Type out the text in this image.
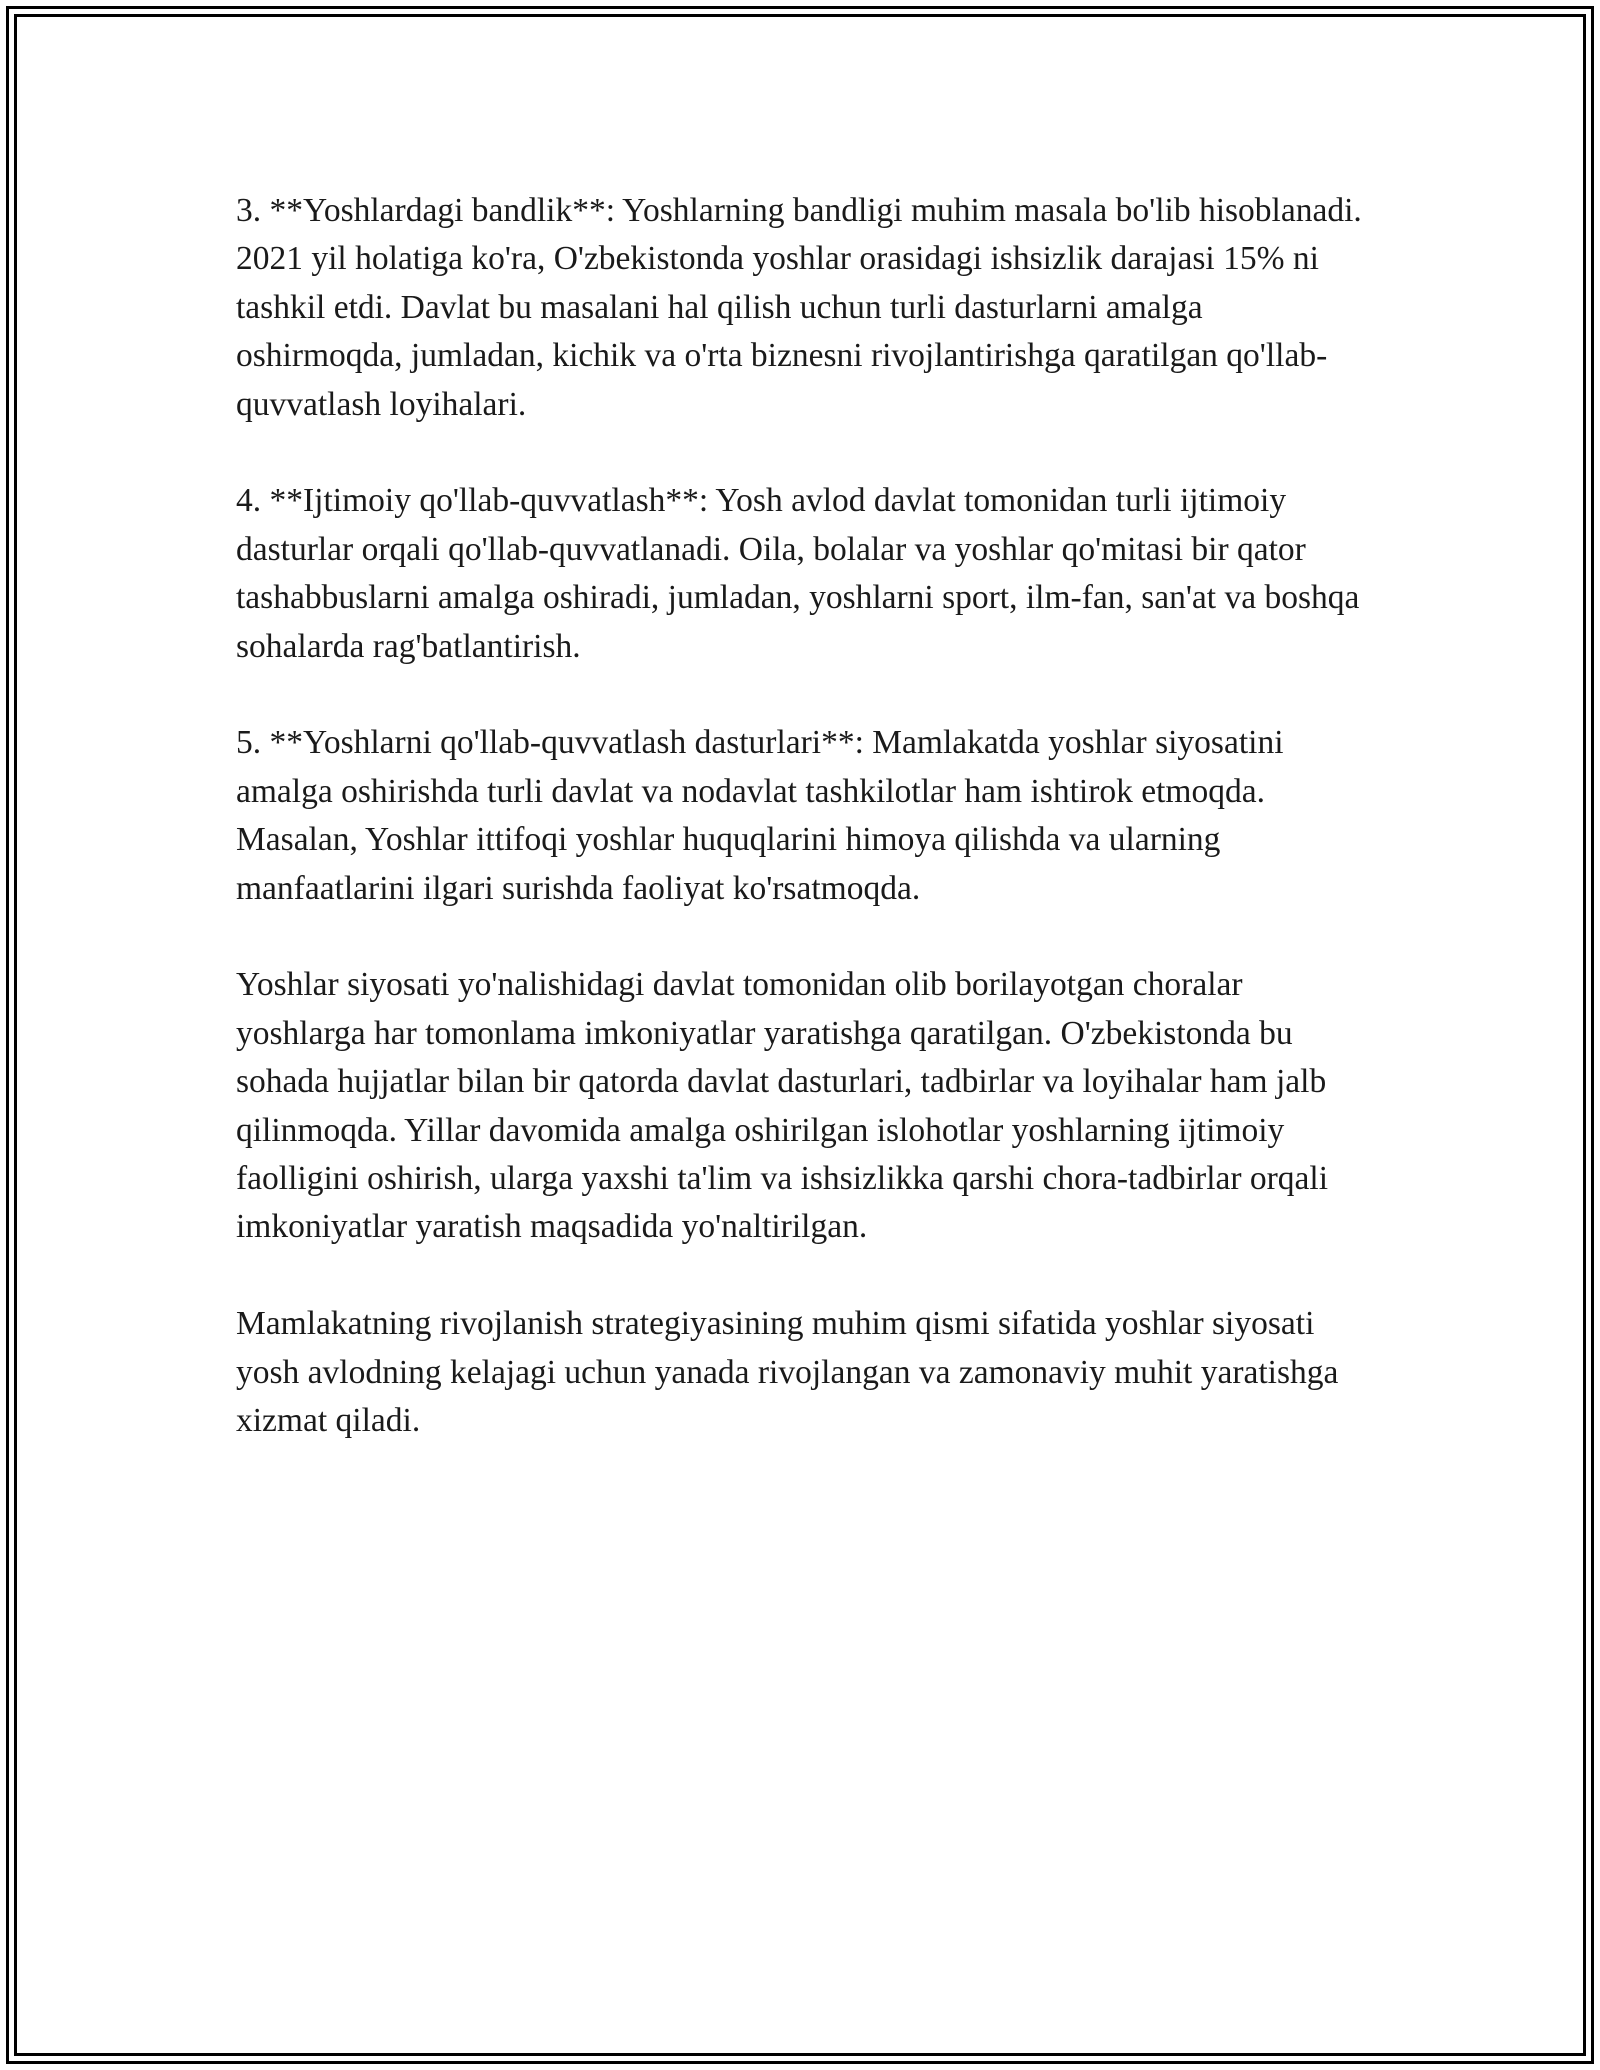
3. **Yoshlardagi bandlik**: Yoshlarning bandligi muhim masala bo'lib hisoblanadi. 2021 yil holatiga ko'ra, O'zbekistonda yoshlar orasidagi ishsizlik darajasi 15% ni tashkil etdi. Davlat bu masalani hal qilish uchun turli dasturlarni amalga oshirmoqda, jumladan, kichik va o'rta biznesni rivojlantirishga qaratilgan qo'llab-quvvatlash loyihalari.

4. **Ijtimoiy qo'llab-quvvatlash**: Yosh avlod davlat tomonidan turli ijtimoiy dasturlar orqali qo'llab-quvvatlanadi. Oila, bolalar va yoshlar qo'mitasi bir qator tashabbuslarni amalga oshiradi, jumladan, yoshlarni sport, ilm-fan, san'at va boshqa sohalarda rag'batlantirish.

5. **Yoshlarni qo'llab-quvvatlash dasturlari**: Mamlakatda yoshlar siyosatini amalga oshirishda turli davlat va nodavlat tashkilotlar ham ishtirok etmoqda. Masalan, Yoshlar ittifoqi yoshlar huquqlarini himoya qilishda va ularning manfaatlarini ilgari surishda faoliyat ko'rsatmoqda.

Yoshlar siyosati yo'nalishidagi davlat tomonidan olib borilayotgan choralar yoshlarga har tomonlama imkoniyatlar yaratishga qaratilgan. O'zbekistonda bu sohada hujjatlar bilan bir qatorda davlat dasturlari, tadbirlar va loyihalar ham jalb qilinmoqda. Yillar davomida amalga oshirilgan islohotlar yoshlarning ijtimoiy faolligini oshirish, ularga yaxshi ta'lim va ishsizlikka qarshi chora-tadbirlar orqali imkoniyatlar yaratish maqsadida yo'naltirilgan.

Mamlakatning rivojlanish strategiyasining muhim qismi sifatida yoshlar siyosati yosh avlodning kelajagi uchun yanada rivojlangan va zamonaviy muhit yaratishga xizmat qiladi.
